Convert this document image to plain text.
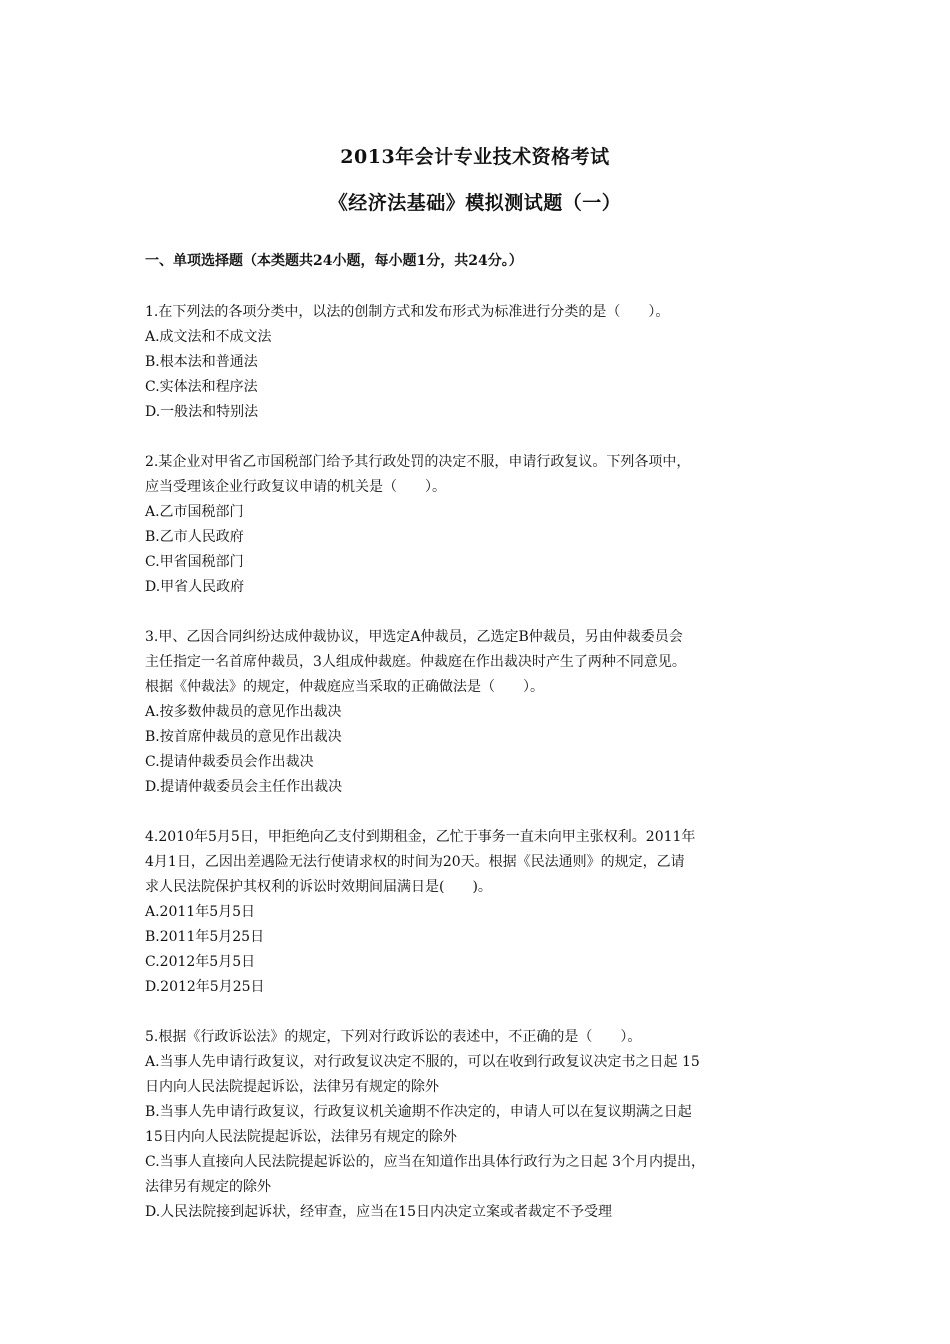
2013年会计专业技术资格考试
《经济法基础》模拟测试题（一）
一、单项选择题（本类题共24小题，每小题1分，共24分。）
1.在下列法的各项分类中，以法的创制方式和发布形式为标准进行分类的是（　　）。
A.成文法和不成文法
B.根本法和普通法
C.实体法和程序法
D.一般法和特别法
2.某企业对甲省乙市国税部门给予其行政处罚的决定不服，申请行政复议。下列各项中，
应当受理该企业行政复议申请的机关是（　　）。
A.乙市国税部门
B.乙市人民政府
C.甲省国税部门
D.甲省人民政府
3.甲、乙因合同纠纷达成仲裁协议，甲选定A仲裁员，乙选定B仲裁员，另由仲裁委员会
主任指定一名首席仲裁员，3人组成仲裁庭。仲裁庭在作出裁决时产生了两种不同意见。
根据《仲裁法》的规定，仲裁庭应当采取的正确做法是（　　）。
A.按多数仲裁员的意见作出裁决
B.按首席仲裁员的意见作出裁决
C.提请仲裁委员会作出裁决
D.提请仲裁委员会主任作出裁决
4.2010年5月5日，甲拒绝向乙支付到期租金，乙忙于事务一直未向甲主张权利。2011年
4月1日，乙因出差遇险无法行使请求权的时间为20天。根据《民法通则》的规定，乙请
求人民法院保护其权利的诉讼时效期间届满日是(　　)。
A.2011年5月5日
B.2011年5月25日
C.2012年5月5日
D.2012年5月25日
5.根据《行政诉讼法》的规定，下列对行政诉讼的表述中，不正确的是（　　）。
A.当事人先申请行政复议，对行政复议决定不服的，可以在收到行政复议决定书之日起 15
日内向人民法院提起诉讼，法律另有规定的除外
B.当事人先申请行政复议，行政复议机关逾期不作决定的，申请人可以在复议期满之日起
15日内向人民法院提起诉讼，法律另有规定的除外
C.当事人直接向人民法院提起诉讼的，应当在知道作出具体行政行为之日起 3个月内提出，
法律另有规定的除外
D.人民法院接到起诉状，经审查，应当在15日内决定立案或者裁定不予受理
